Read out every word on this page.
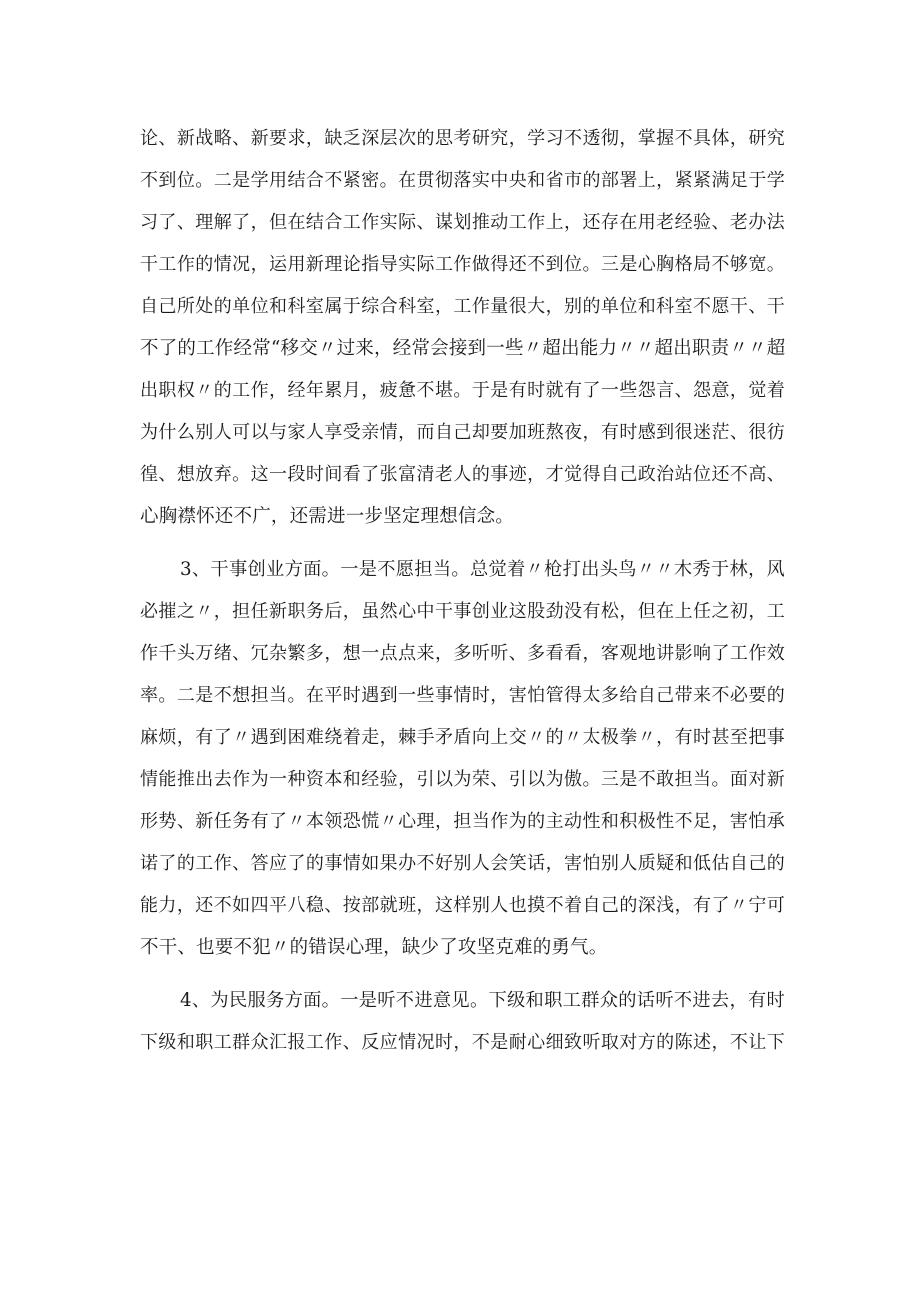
论、新战略、新要求，缺乏深层次的思考研究，学习不透彻，掌握不具体，研究
不到位。二是学用结合不紧密。在贯彻落实中央和省市的部署上，紧紧满足于学
习了、理解了，但在结合工作实际、谋划推动工作上，还存在用老经验、老办法
干工作的情况，运用新理论指导实际工作做得还不到位。三是心胸格局不够宽。
自己所处的单位和科室属于综合科室，工作量很大，别的单位和科室不愿干、干
不了的工作经常“移交〃过来，经常会接到一些〃超出能力〃〃超出职责〃〃超
出职权〃的工作，经年累月，疲惫不堪。于是有时就有了一些怨言、怨意，觉着
为什么别人可以与家人享受亲情，而自己却要加班熬夜，有时感到很迷茫、很彷
徨、想放弃。这一段时间看了张富清老人的事迹，才觉得自己政治站位还不高、
心胸襟怀还不广，还需进一步坚定理想信念。
3、干事创业方面。一是不愿担当。总觉着〃枪打出头鸟〃〃木秀于林，风
必摧之〃，担任新职务后，虽然心中干事创业这股劲没有松，但在上任之初，工
作千头万绪、冗杂繁多，想一点点来，多听听、多看看，客观地讲影响了工作效
率。二是不想担当。在平时遇到一些事情时，害怕管得太多给自己带来不必要的
麻烦，有了〃遇到困难绕着走，棘手矛盾向上交〃的〃太极拳〃，有时甚至把事
情能推出去作为一种资本和经验，引以为荣、引以为傲。三是不敢担当。面对新
形势、新任务有了〃本领恐慌〃心理，担当作为的主动性和积极性不足，害怕承
诺了的工作、答应了的事情如果办不好别人会笑话，害怕别人质疑和低估自己的
能力，还不如四平八稳、按部就班，这样别人也摸不着自己的深浅，有了〃宁可
不干、也要不犯〃的错误心理，缺少了攻坚克难的勇气。
4、为民服务方面。一是听不进意见。下级和职工群众的话听不进去，有时
下级和职工群众汇报工作、反应情况时，不是耐心细致听取对方的陈述，不让下
